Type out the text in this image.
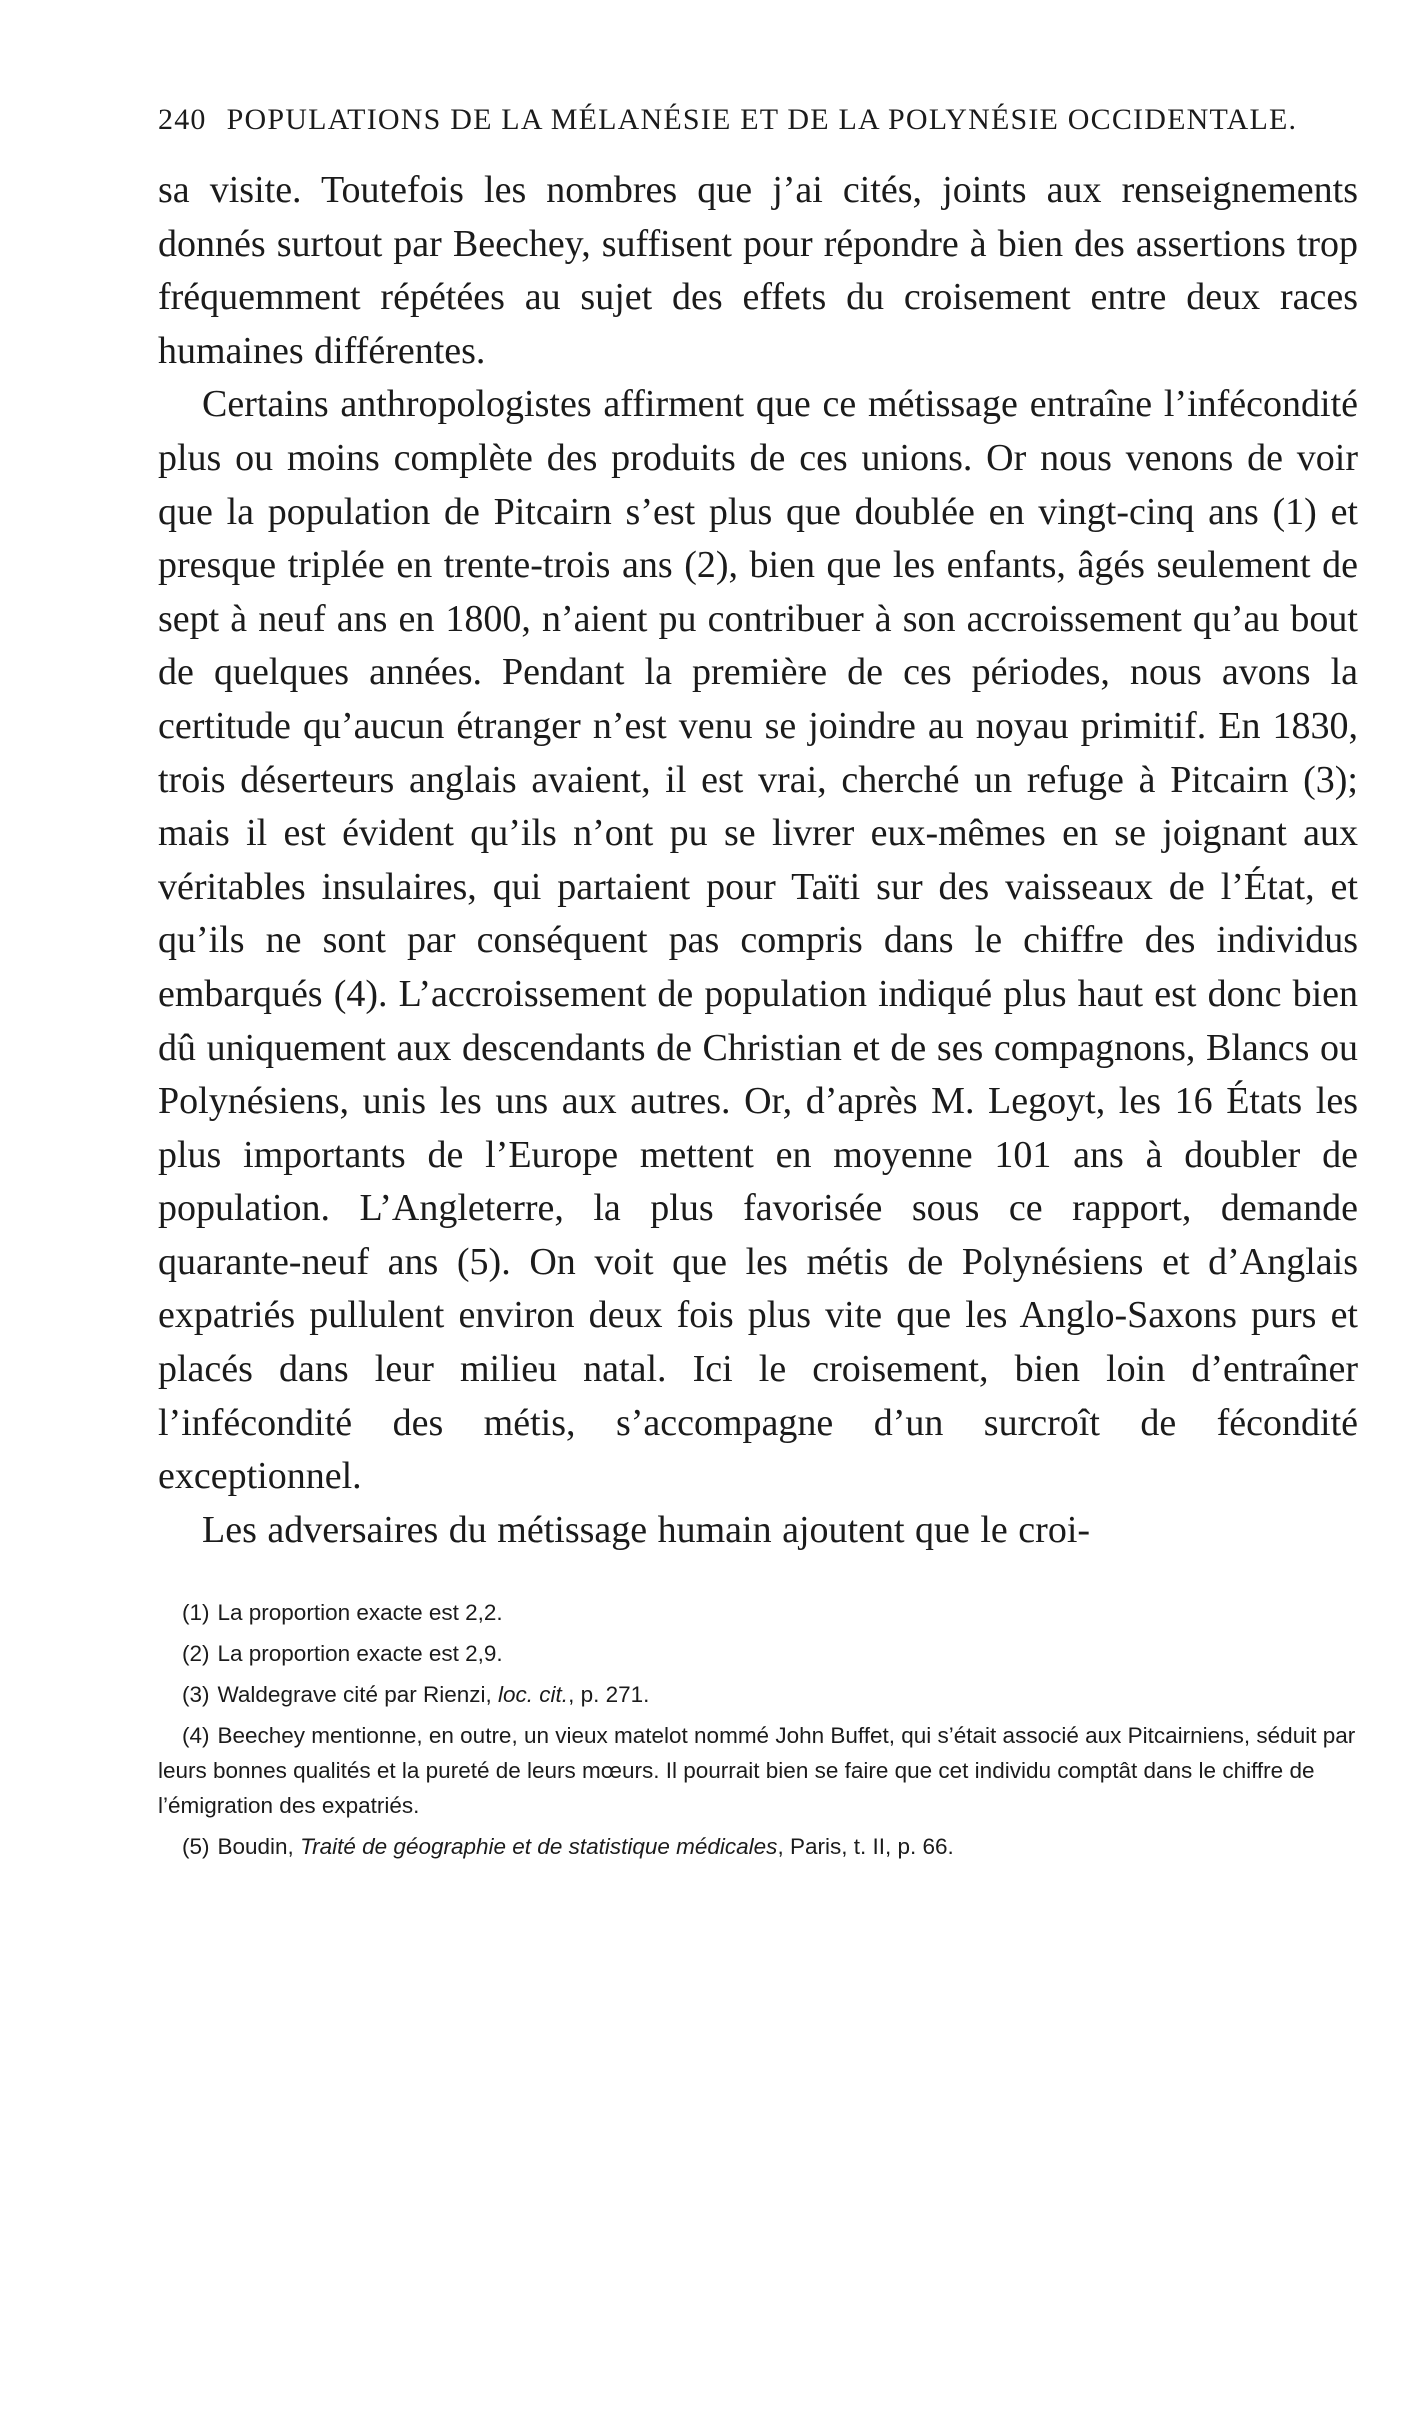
240 POPULATIONS DE LA MÉLANÉSIE ET DE LA POLYNÉSIE OCCIDENTALE.

sa visite. Toutefois les nombres que j’ai cités, joints aux renseignements donnés surtout par Beechey, suffisent pour répondre à bien des assertions trop fréquemment répétées au sujet des effets du croisement entre deux races humaines différentes.

Certains anthropologistes affirment que ce métissage entraîne l’infécondité plus ou moins complète des produits de ces unions. Or nous venons de voir que la population de Pitcairn s’est plus que doublée en vingt-cinq ans (1) et presque triplée en trente-trois ans (2), bien que les enfants, âgés seulement de sept à neuf ans en 1800, n’aient pu contribuer à son accroissement qu’au bout de quelques années. Pendant la première de ces périodes, nous avons la certitude qu’aucun étranger n’est venu se joindre au noyau primitif. En 1830, trois déserteurs anglais avaient, il est vrai, cherché un refuge à Pitcairn (3); mais il est évident qu’ils n’ont pu se livrer eux-mêmes en se joignant aux véritables insulaires, qui partaient pour Taïti sur des vaisseaux de l’État, et qu’ils ne sont par conséquent pas compris dans le chiffre des individus embarqués (4). L’accroissement de population indiqué plus haut est donc bien dû uniquement aux descendants de Christian et de ses compagnons, Blancs ou Polynésiens, unis les uns aux autres. Or, d’après M. Legoyt, les 16 États les plus importants de l’Europe mettent en moyenne 101 ans à doubler de population. L’Angleterre, la plus favorisée sous ce rapport, demande quarante-neuf ans (5). On voit que les métis de Polynésiens et d’Anglais expatriés pullulent environ deux fois plus vite que les Anglo-Saxons purs et placés dans leur milieu natal. Ici le croisement, bien loin d’entraîner l’infécondité des métis, s’accompagne d’un surcroît de fécondité exceptionnel.

Les adversaires du métissage humain ajoutent que le croi-

(1) La proportion exacte est 2,2.

(2) La proportion exacte est 2,9.

(3) Waldegrave cité par Rienzi, loc. cit., p. 271.

(4) Beechey mentionne, en outre, un vieux matelot nommé John Buffet, qui s’était associé aux Pitcairniens, séduit par leurs bonnes qualités et la pureté de leurs mœurs. Il pourrait bien se faire que cet individu comptât dans le chiffre de l’émigration des expatriés.

(5) Boudin, Traité de géographie et de statistique médicales, Paris, t. II, p. 66.
